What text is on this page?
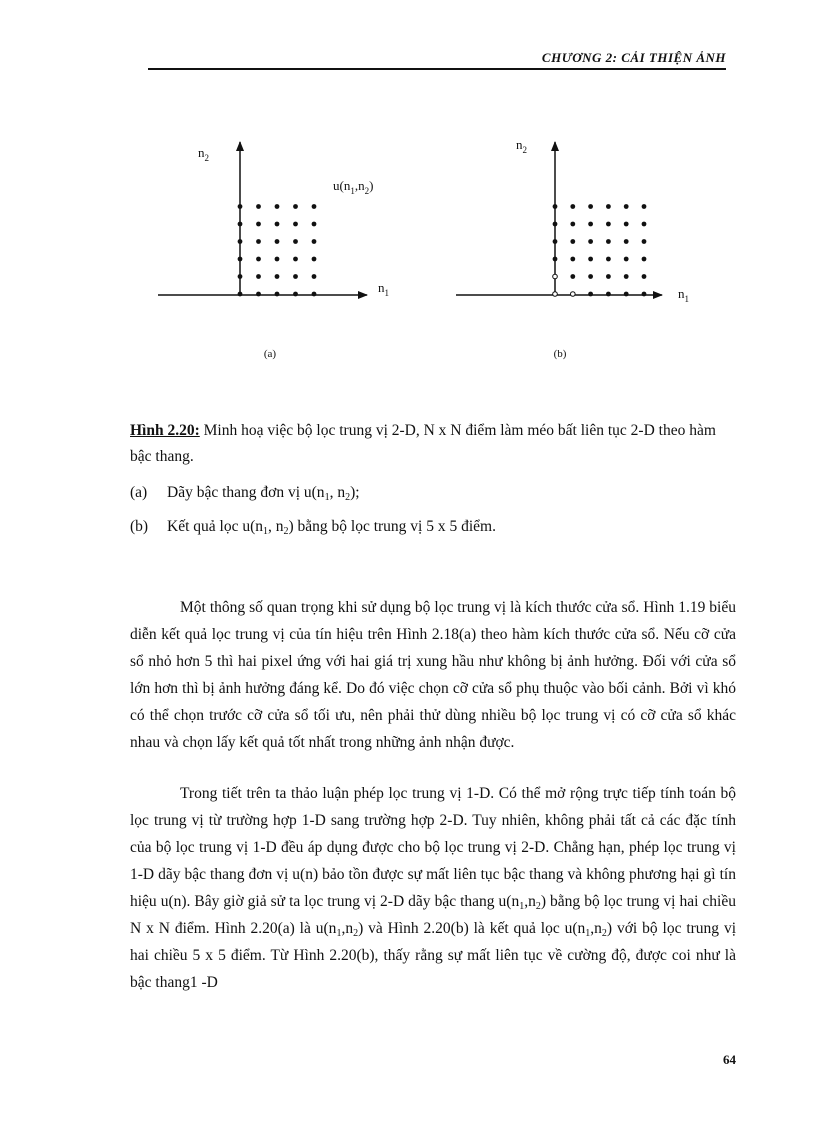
CHƯƠNG 2: CẢI THIỆN ẢNH
$n_2$
$n_1$
$u(n_1,n_2)$
(a)
$n_2$
$n_1$
(b)
Hình 2.20: Minh hoạ việc bộ lọc trung vị 2-D, N x N điểm làm méo bất liên tục 2-D theo hàm bậc thang.
(a) Dãy bậc thang đơn vị $u(n_1$, $n_2$);
(b) Kết quả lọc $u(n_1$, $n_2$) bằng bộ lọc trung vị 5 x 5 điểm.

Một thông số quan trọng khi sử dụng bộ lọc trung vị là kích thước cửa sổ. Hình 1.19 biểu diễn kết quả lọc trung vị của tín hiệu trên Hình 2.18(a) theo hàm kích thước cửa sổ. Nếu cỡ cửa sổ nhỏ hơn 5 thì hai pixel ứng với hai giá trị xung hầu như không bị ảnh hưởng. Đối với cửa sổ lớn hơn thì bị ảnh hưởng đáng kể. Do đó việc chọn cỡ cửa sổ phụ thuộc vào bối cảnh. Bởi vì khó có thể chọn trước cỡ cửa sổ tối ưu, nên phải thử dùng nhiều bộ lọc trung vị có cỡ cửa sổ khác nhau và chọn lấy kết quả tốt nhất trong những ảnh nhận được.

Trong tiết trên ta thảo luận phép lọc trung vị 1-D. Có thể mở rộng trực tiếp tính toán bộ lọc trung vị từ trường hợp 1-D sang trường hợp 2-D. Tuy nhiên, không phải tất cả các đặc tính của bộ lọc trung vị 1-D đều áp dụng được cho bộ lọc trung vị 2-D. Chẳng hạn, phép lọc trung vị 1-D dãy bậc thang đơn vị u(n) bảo tồn được sự mất liên tục bậc thang và không phương hại gì tín hiệu u(n). Bây giờ giả sử ta lọc trung vị 2-D dãy bậc thang $u(n_1,n_2)$ bằng bộ lọc trung vị hai chiều N x N điểm. Hình 2.20(a) là $u(n_1,n_2)$ và Hình 2.20(b) là kết quả lọc $u(n_1,n_2)$ với bộ lọc trung vị hai chiều 5 x 5 điểm. Từ Hình 2.20(b), thấy rằng sự mất liên tục về cường độ, được coi như là bậc thang1 -D

64
